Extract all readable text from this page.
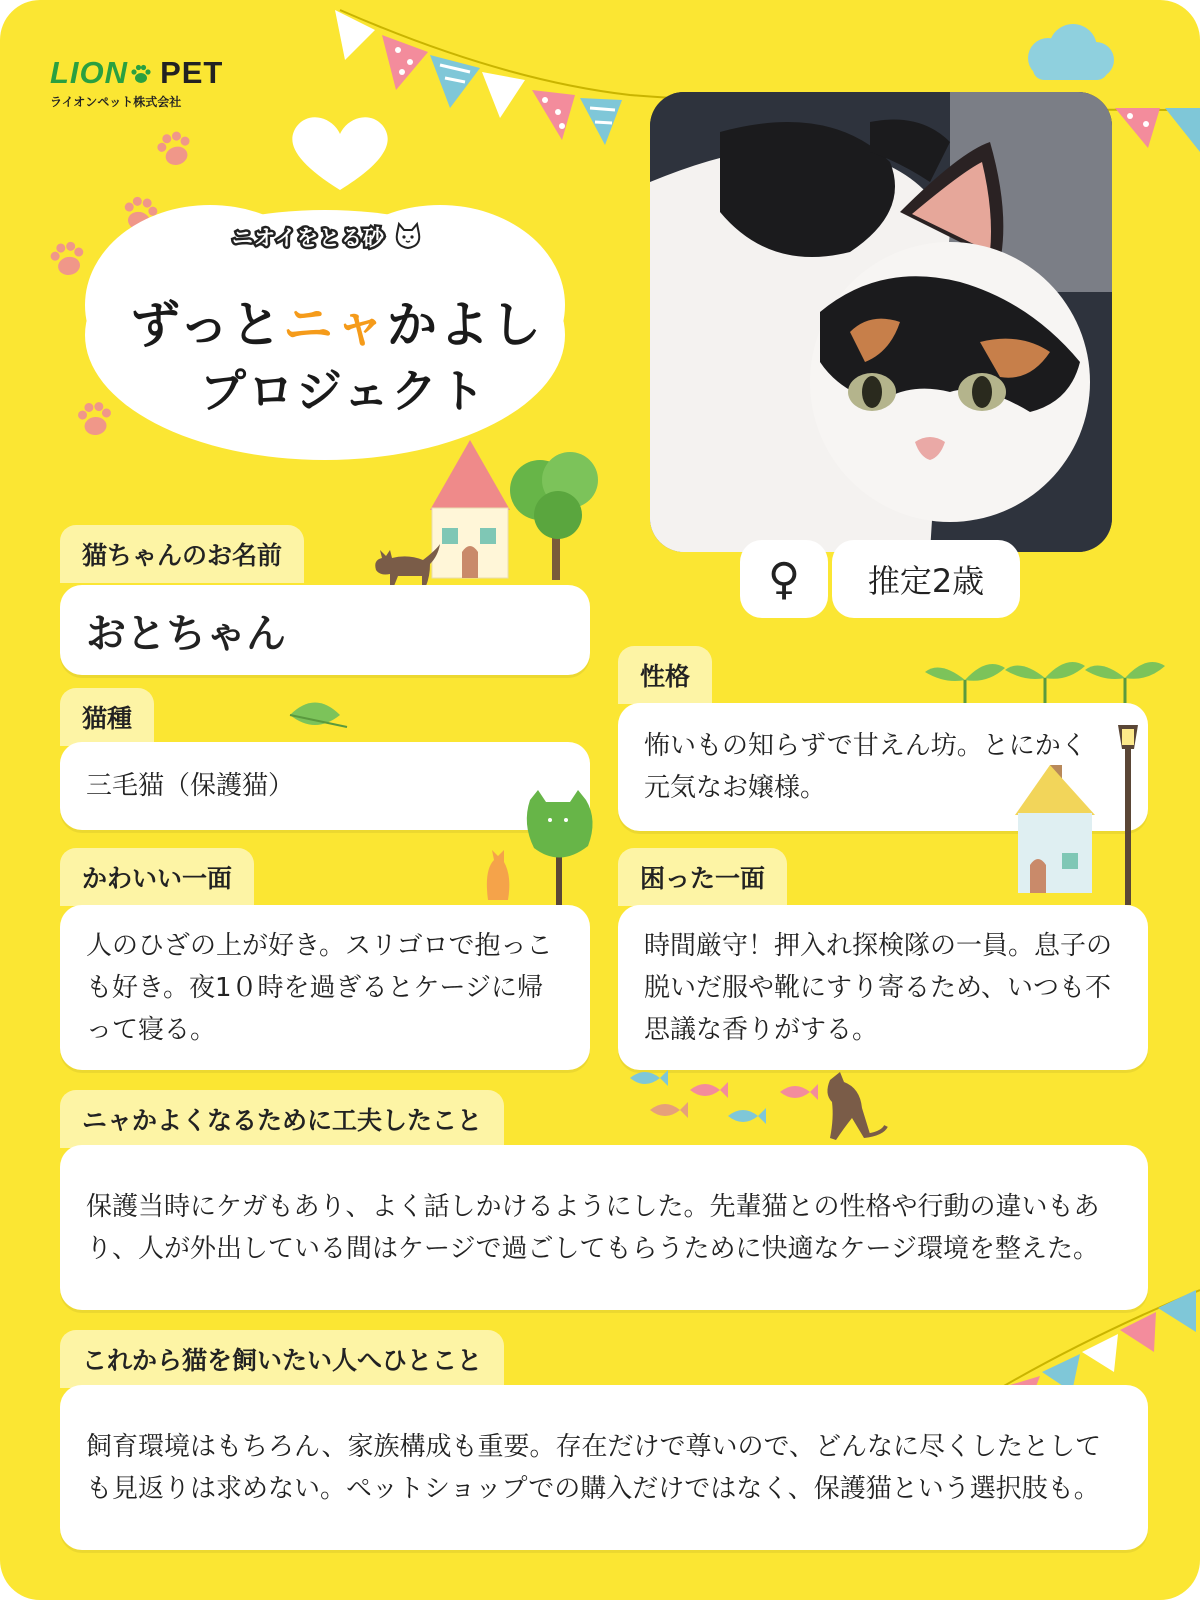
LION PET
ライオンペット株式会社
ニオイをとる砂
ずっとニャかよし
プロジェクト
♀	推定2歳
猫ちゃんのお名前
おとちゃん
猫種
三毛猫（保護猫）
性格
怖いもの知らずで甘えん坊。とにかく元気なお嬢様。
かわいい一面
人のひざの上が好き。スリゴロで抱っこも好き。夜1０時を過ぎるとケージに帰って寝る。
困った一面
時間厳守！押入れ探検隊の一員。息子の脱いだ服や靴にすり寄るため、いつも不思議な香りがする。
ニャかよくなるために工夫したこと
保護当時にケガもあり、よく話しかけるようにした。先輩猫との性格や行動の違いもあり、人が外出している間はケージで過ごしてもらうために快適なケージ環境を整えた。
これから猫を飼いたい人へひとこと
飼育環境はもちろん、家族構成も重要。存在だけで尊いので、どんなに尽くしたとしても見返りは求めない。ペットショップでの購入だけではなく、保護猫という選択肢も。
